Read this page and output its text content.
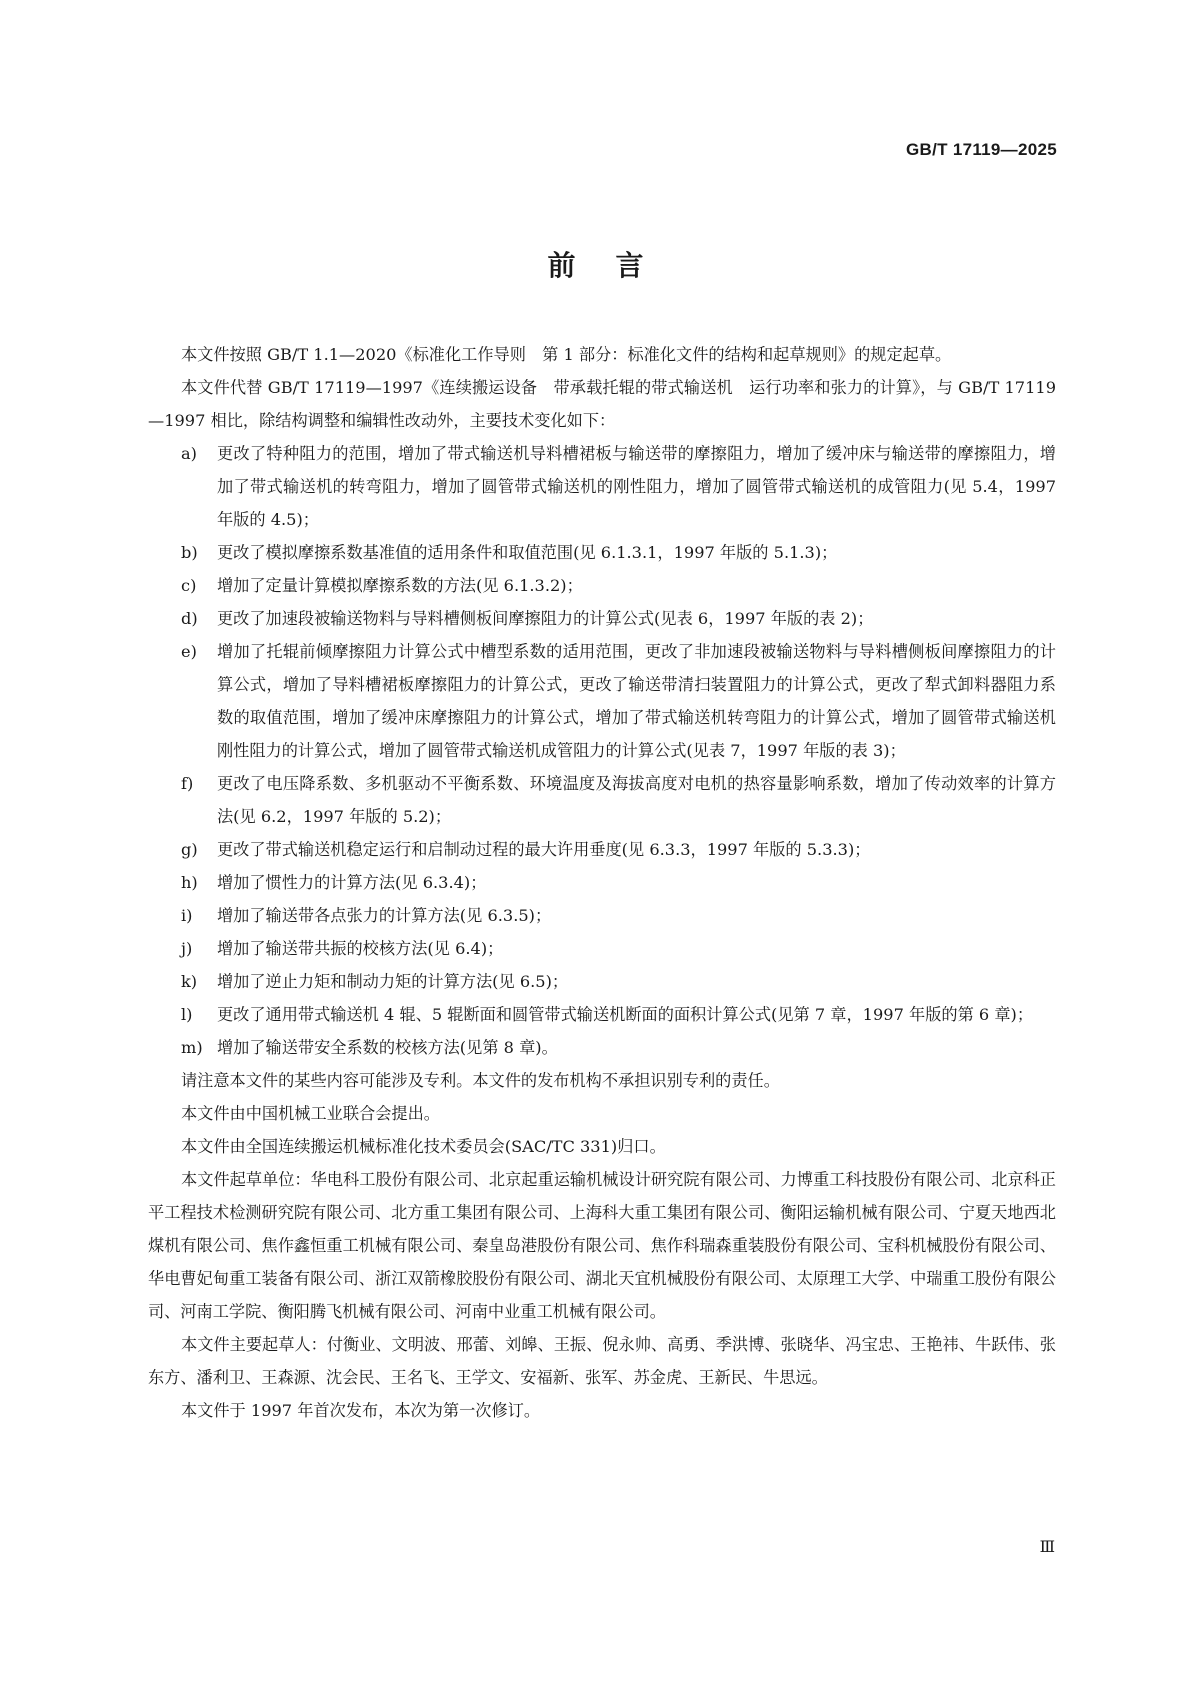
GB/T 17119—2025
前言

本文件按照 GB/T 1.1—2020《标准化工作导则　第 1 部分：标准化文件的结构和起草规则》的规定起草。

本文件代替 GB/T 17119—1997《连续搬运设备　带承载托辊的带式输送机　运行功率和张力的计算》，与 GB/T 17119—1997 相比，除结构调整和编辑性改动外，主要技术变化如下：

a)	更改了特种阻力的范围，增加了带式输送机导料槽裙板与输送带的摩擦阻力，增加了缓冲床与输送带的摩擦阻力，增加了带式输送机的转弯阻力，增加了圆管带式输送机的刚性阻力，增加了圆管带式输送机的成管阻力(见 5.4，1997 年版的 4.5)；
b)	更改了模拟摩擦系数基准值的适用条件和取值范围(见 6.1.3.1，1997 年版的 5.1.3)；
c)	增加了定量计算模拟摩擦系数的方法(见 6.1.3.2)；
d)	更改了加速段被输送物料与导料槽侧板间摩擦阻力的计算公式(见表 6，1997 年版的表 2)；
e)	增加了托辊前倾摩擦阻力计算公式中槽型系数的适用范围，更改了非加速段被输送物料与导料槽侧板间摩擦阻力的计算公式，增加了导料槽裙板摩擦阻力的计算公式，更改了输送带清扫装置阻力的计算公式，更改了犁式卸料器阻力系数的取值范围，增加了缓冲床摩擦阻力的计算公式，增加了带式输送机转弯阻力的计算公式，增加了圆管带式输送机刚性阻力的计算公式，增加了圆管带式输送机成管阻力的计算公式(见表 7，1997 年版的表 3)；
f)	更改了电压降系数、多机驱动不平衡系数、环境温度及海拔高度对电机的热容量影响系数，增加了传动效率的计算方法(见 6.2，1997 年版的 5.2)；
g)	更改了带式输送机稳定运行和启制动过程的最大许用垂度(见 6.3.3，1997 年版的 5.3.3)；
h)	增加了惯性力的计算方法(见 6.3.4)；
i)	增加了输送带各点张力的计算方法(见 6.3.5)；
j)	增加了输送带共振的校核方法(见 6.4)；
k)	增加了逆止力矩和制动力矩的计算方法(见 6.5)；
l)	更改了通用带式输送机 4 辊、5 辊断面和圆管带式输送机断面的面积计算公式(见第 7 章，1997 年版的第 6 章)；
m) 增加了输送带安全系数的校核方法(见第 8 章)。

请注意本文件的某些内容可能涉及专利。本文件的发布机构不承担识别专利的责任。

本文件由中国机械工业联合会提出。

本文件由全国连续搬运机械标准化技术委员会(SAC/TC 331)归口。

本文件起草单位：华电科工股份有限公司、北京起重运输机械设计研究院有限公司、力博重工科技股份有限公司、北京科正平工程技术检测研究院有限公司、北方重工集团有限公司、上海科大重工集团有限公司、衡阳运输机械有限公司、宁夏天地西北煤机有限公司、焦作鑫恒重工机械有限公司、秦皇岛港股份有限公司、焦作科瑞森重装股份有限公司、宝科机械股份有限公司、华电曹妃甸重工装备有限公司、浙江双箭橡胶股份有限公司、湖北天宜机械股份有限公司、太原理工大学、中瑞重工股份有限公司、河南工学院、衡阳腾飞机械有限公司、河南中业重工机械有限公司。

本文件主要起草人：付衡业、文明波、邢蕾、刘皞、王振、倪永帅、高勇、季洪博、张晓华、冯宝忠、王艳祎、牛跃伟、张东方、潘利卫、王森源、沈会民、王名飞、王学文、安福新、张军、苏金虎、王新民、牛思远。

本文件于 1997 年首次发布，本次为第一次修订。

Ⅲ
